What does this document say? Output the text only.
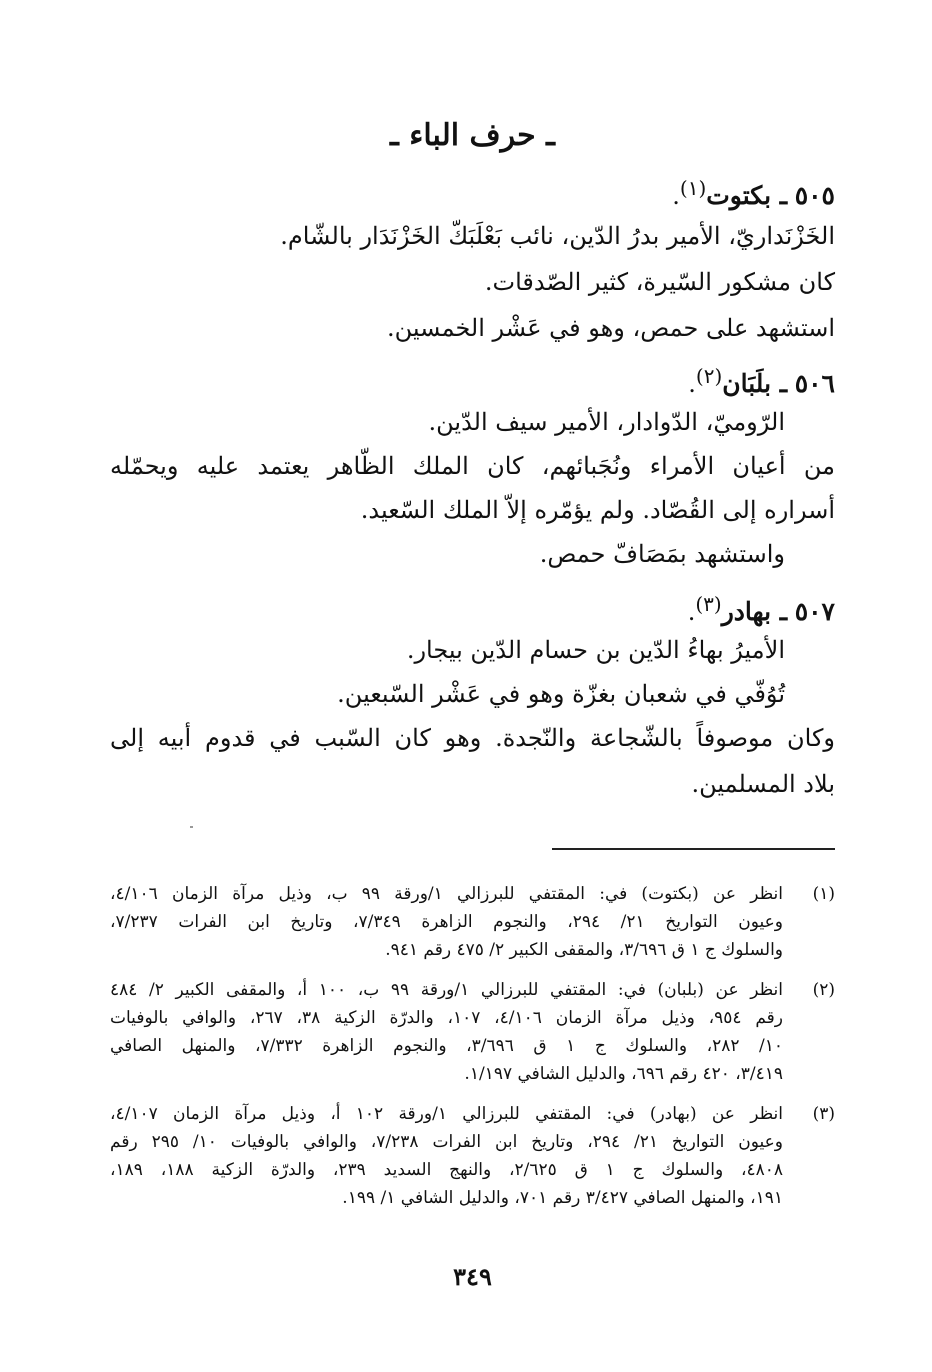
ـ حرف الباء ـ
٥٠٥ ـ بكتوت$^{(١)}$.
الخَزْنَداريّ، الأمير بدرُ الدّين، نائب بَعْلَبَكّ الخَزْنَدَار بالشّام.
كان مشكور السّيرة، كثير الصّدقات.
استشهد على حمص، وهو في عَشْر الخمسين.
٥٠٦ ـ بلَبَان$^{(٢)}$.
الرّوميّ، الدّوادار، الأمير سيف الدّين.
من أعيان الأمراء ونُجَبائهم، كان الملك الظّاهر يعتمد عليه ويحمّله
أسراره إلى القُصّاد. ولم يؤمّره إلاّ الملك السّعيد.
واستشهد بمَصَافّ حمص.
٥٠٧ ـ بهادر$^{(٣)}$.
الأميرُ بهاءُ الدّين بن حسام الدّين بيجار.
تُوُفّي في شعبان بغزّة وهو في عَشْر السّبعين.
وكان موصوفاً بالشّجاعة والنّجدة. وهو كان السّبب في قدوم أبيه إلى
بلاد المسلمين.
(١)
انظر عن (بكتوت) في: المقتفي للبرزالي ١/ورقة ٩٩ ب، وذيل مرآة الزمان ٤/١٠٦،
وعيون التواريخ ٢١/ ٢٩٤، والنجوم الزاهرة ٧/٣٤٩، وتاريخ ابن الفرات ٧/٢٣٧،
والسلوك ج ١ ق ٣/٦٩٦، والمقفى الكبير ٢/ ٤٧٥ رقم ٩٤١.
(٢)
انظر عن (بلبان) في: المقتفي للبرزالي ١/ورقة ٩٩ ب، ١٠٠ أ، والمقفى الكبير ٢/ ٤٨٤
رقم ٩٥٤، وذيل مرآة الزمان ٤/١٠٦، ١٠٧، والدرّة الزكية ٣٨، ٢٦٧، والوافي بالوفيات
١٠/ ٢٨٢، والسلوك ج ١ ق ٣/٦٩٦، والنجوم الزاهرة ٧/٣٣٢، والمنهل الصافي
٣/٤١٩، ٤٢٠ رقم ٦٩٦، والدليل الشافي ١/١٩٧.
(٣)
انظر عن (بهادر) في: المقتفي للبرزالي ١/ورقة ١٠٢ أ، وذيل مرآة الزمان ٤/١٠٧،
وعيون التواريخ ٢١/ ٢٩٤، وتاريخ ابن الفرات ٧/٢٣٨، والوافي بالوفيات ١٠/ ٢٩٥ رقم
٤٨٠٨، والسلوك ج ١ ق ٢/٦٢٥، والنهج السديد ٢٣٩، والدرّة الزكية ١٨٨، ١٨٩،
١٩١، والمنهل الصافي ٣/٤٢٧ رقم ٧٠١، والدليل الشافي ١/ ١٩٩.
٣٤٩
